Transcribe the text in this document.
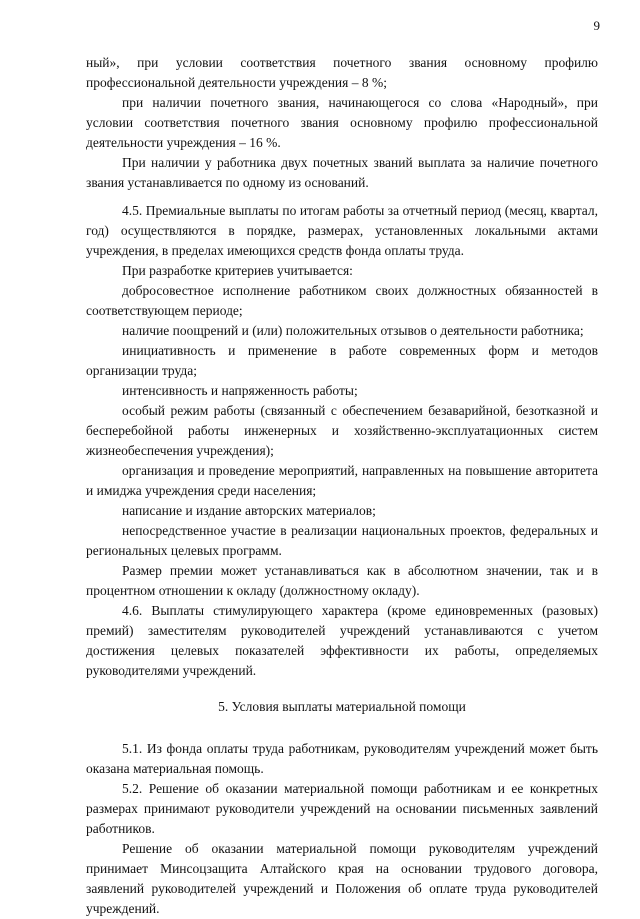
9

ный», при условии соответствия почетного звания основному профилю профессиональной деятельности учреждения – 8 %;

при наличии почетного звания, начинающегося со слова «Народный», при условии соответствия почетного звания основному профилю профессиональной деятельности учреждения – 16 %.

При наличии у работника двух почетных званий выплата за наличие почетного звания устанавливается по одному из оснований.

4.5. Премиальные выплаты по итогам работы за отчетный период (месяц, квартал, год) осуществляются в порядке, размерах, установленных локальными актами учреждения, в пределах имеющихся средств фонда оплаты труда.

При разработке критериев учитывается:

добросовестное исполнение работником своих должностных обязанностей в соответствующем периоде;

наличие поощрений и (или) положительных отзывов о деятельности работника;

инициативность и применение в работе современных форм и методов организации труда;

интенсивность и напряженность работы;

особый режим работы (связанный с обеспечением безаварийной, безотказной и бесперебойной работы инженерных и хозяйственно-эксплуатационных систем жизнеобеспечения учреждения);

организация и проведение мероприятий, направленных на повышение авторитета и имиджа учреждения среди населения;

написание и издание авторских материалов;

непосредственное участие в реализации национальных проектов, федеральных и региональных целевых программ.

Размер премии может устанавливаться как в абсолютном значении, так и в процентном отношении к окладу (должностному окладу).

4.6. Выплаты стимулирующего характера (кроме единовременных (разовых) премий) заместителям руководителей учреждений устанавливаются с учетом достижения целевых показателей эффективности их работы, определяемых руководителями учреждений.

5. Условия выплаты материальной помощи

5.1. Из фонда оплаты труда работникам, руководителям учреждений может быть оказана материальная помощь.

5.2. Решение об оказании материальной помощи работникам и ее конкретных размерах принимают руководители учреждений на основании письменных заявлений работников.

Решение об оказании материальной помощи руководителям учреждений принимает Минсоцзащита Алтайского края на основании трудового договора, заявлений руководителей учреждений и Положения об оплате труда руководителей учреждений.
